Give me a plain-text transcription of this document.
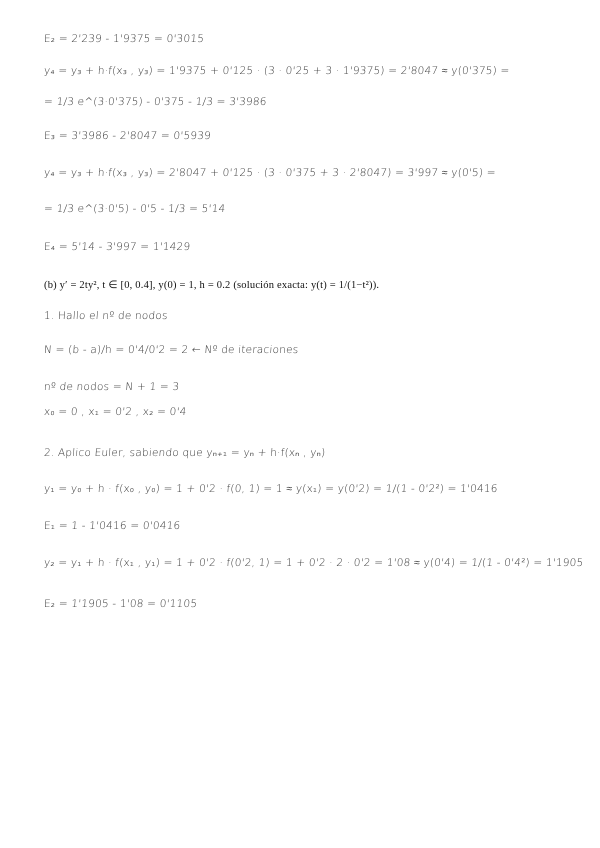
E₂ = 2'239 - 1'9375 = 0'3015
y₄ = y₃ + h·f(x₃ , y₃) = 1'9375 + 0'125 · (3 · 0'25 + 3 · 1'9375) = 2'8047 ≈ y(0'375) =
= 1/3 e^(3·0'375) - 0'375 - 1/3 = 3'3986
E₃ = 3'3986 - 2'8047 = 0'5939
y₄ = y₃ + h·f(x₃ , y₃) = 2'8047 + 0'125 · (3 · 0'375 + 3 · 2'8047) = 3'997 ≈ y(0'5) =
= 1/3 e^(3·0'5) - 0'5 - 1/3 = 5'14
E₄ = 5'14 - 3'997 = 1'1429
(b) y′ = 2ty², t ∈ [0, 0.4], y(0) = 1, h = 0.2 (solución exacta: y(t) = 1/(1−t²)).
1. Hallo el nº de nodos
N = (b - a)/h = 0'4/0'2 = 2 ← Nº de iteraciones
nº de nodos = N + 1 = 3
x₀ = 0 , x₁ = 0'2 , x₂ = 0'4
2. Aplico Euler, sabiendo que yₙ₊₁ = yₙ + h·f(xₙ , yₙ)
y₁ = y₀ + h · f(x₀ , y₀) = 1 + 0'2 · f(0, 1) = 1 ≈ y(x₁) = y(0'2) = 1/(1 - 0'2²) = 1'0416
E₁ = 1 - 1'0416 = 0'0416
y₂ = y₁ + h · f(x₁ , y₁) = 1 + 0'2 · f(0'2, 1) = 1 + 0'2 · 2 · 0'2 = 1'08 ≈ y(0'4) = 1/(1 - 0'4²) = 1'1905
E₂ = 1'1905 - 1'08 = 0'1105
